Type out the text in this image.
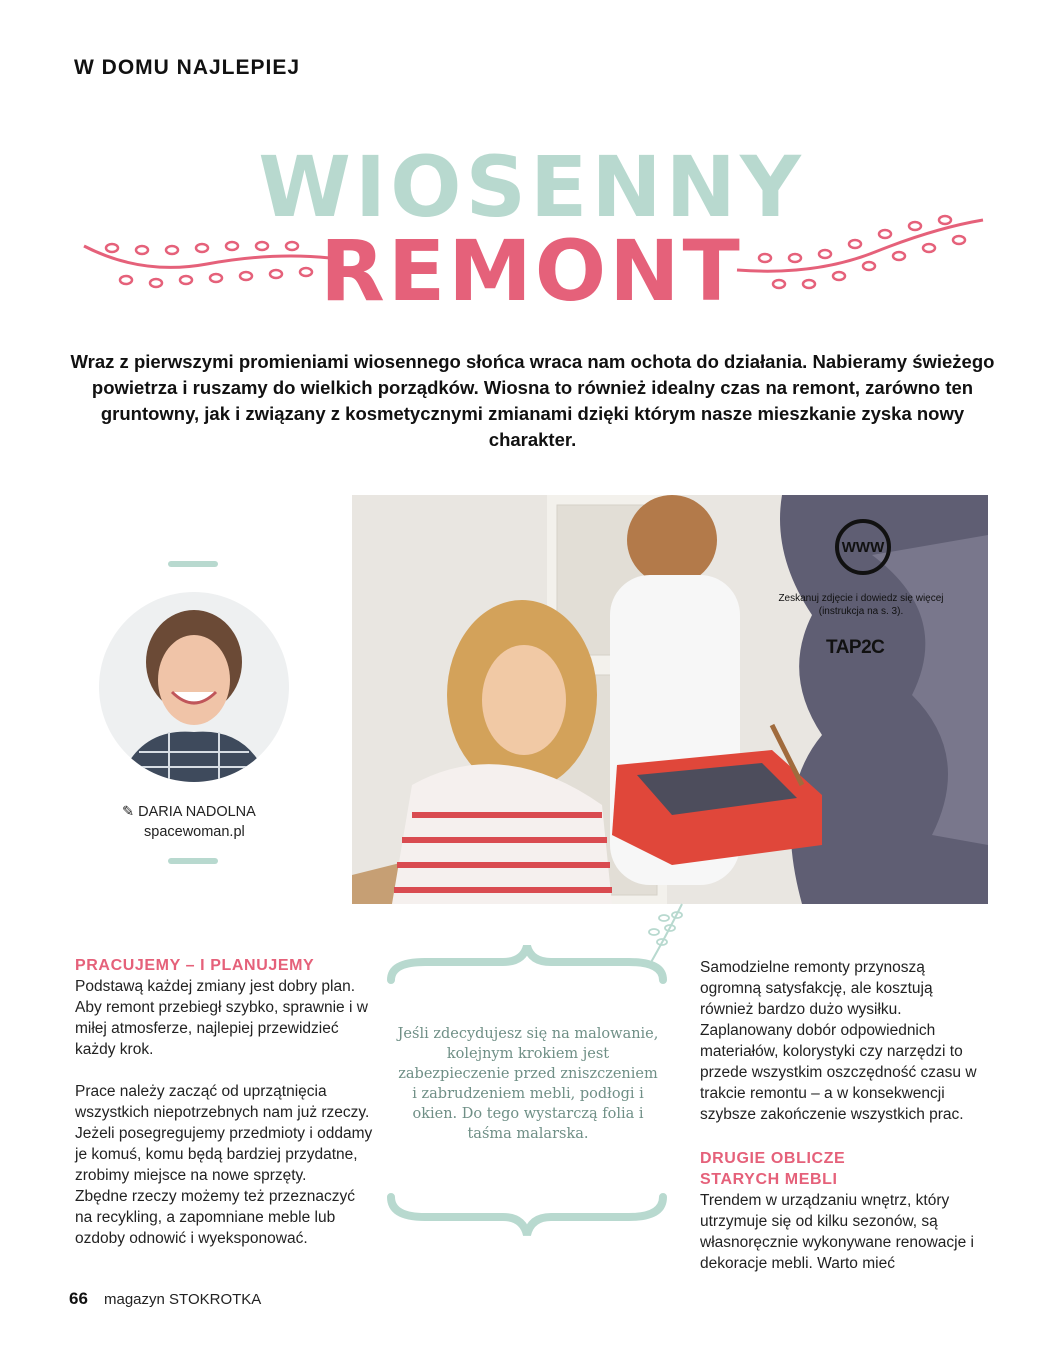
W DOMU NAJLEPIEJ
WIOSENNY
REMONT
Wraz z pierwszymi promieniami wiosennego słońca wraca nam ochota do działania. Nabieramy świeżego powietrza i ruszamy do wielkich porządków. Wiosna to również idealny czas na remont, zarówno ten gruntowny, jak i związany z kosmetycznymi zmianami dzięki którym nasze mieszkanie zyska nowy charakter.
WWW
Zeskanuj zdjęcie i dowiedz się więcej
(instrukcja na s. 3).
TAP2C
✎ DARIA NADOLNA
spacewoman.pl

PRACUJEMY – I PLANUJEMY

Podstawą każdej zmiany jest dobry plan. Aby remont przebiegł szybko, sprawnie i w miłej atmosferze, najlepiej przewidzieć każdy krok.

Prace należy zacząć od uprzątnięcia wszystkich niepotrzebnych nam już rzeczy. Jeżeli posegregujemy przedmioty i oddamy je komuś, komu będą bardziej przydatne, zrobimy miejsce na nowe sprzęty.

Zbędne rzeczy możemy też przeznaczyć na recykling, a zapomniane meble lub ozdoby odnowić i wyeksponować.

Jeśli zdecydujesz się na malowanie, kolejnym krokiem jest zabezpieczenie przed zniszczeniem i zabrudzeniem mebli, podłogi i okien. Do tego wystarczą folia i taśma malarska.

Samodzielne remonty przynoszą ogromną satysfakcję, ale kosztują również bardzo dużo wysiłku. Zaplanowany dobór odpowiednich materiałów, kolorystyki czy narzędzi to przede wszystkim oszczędność czasu w trakcie remontu – a w konsekwencji szybsze zakończenie wszystkich prac.

DRUGIE OBLICZE

STARYCH MEBLI

Trendem w urządzaniu wnętrz, który utrzymuje się od kilku sezonów, są własnoręcznie wykonywane renowacje i dekoracje mebli. Warto mieć

66 magazyn STOKROTKA
